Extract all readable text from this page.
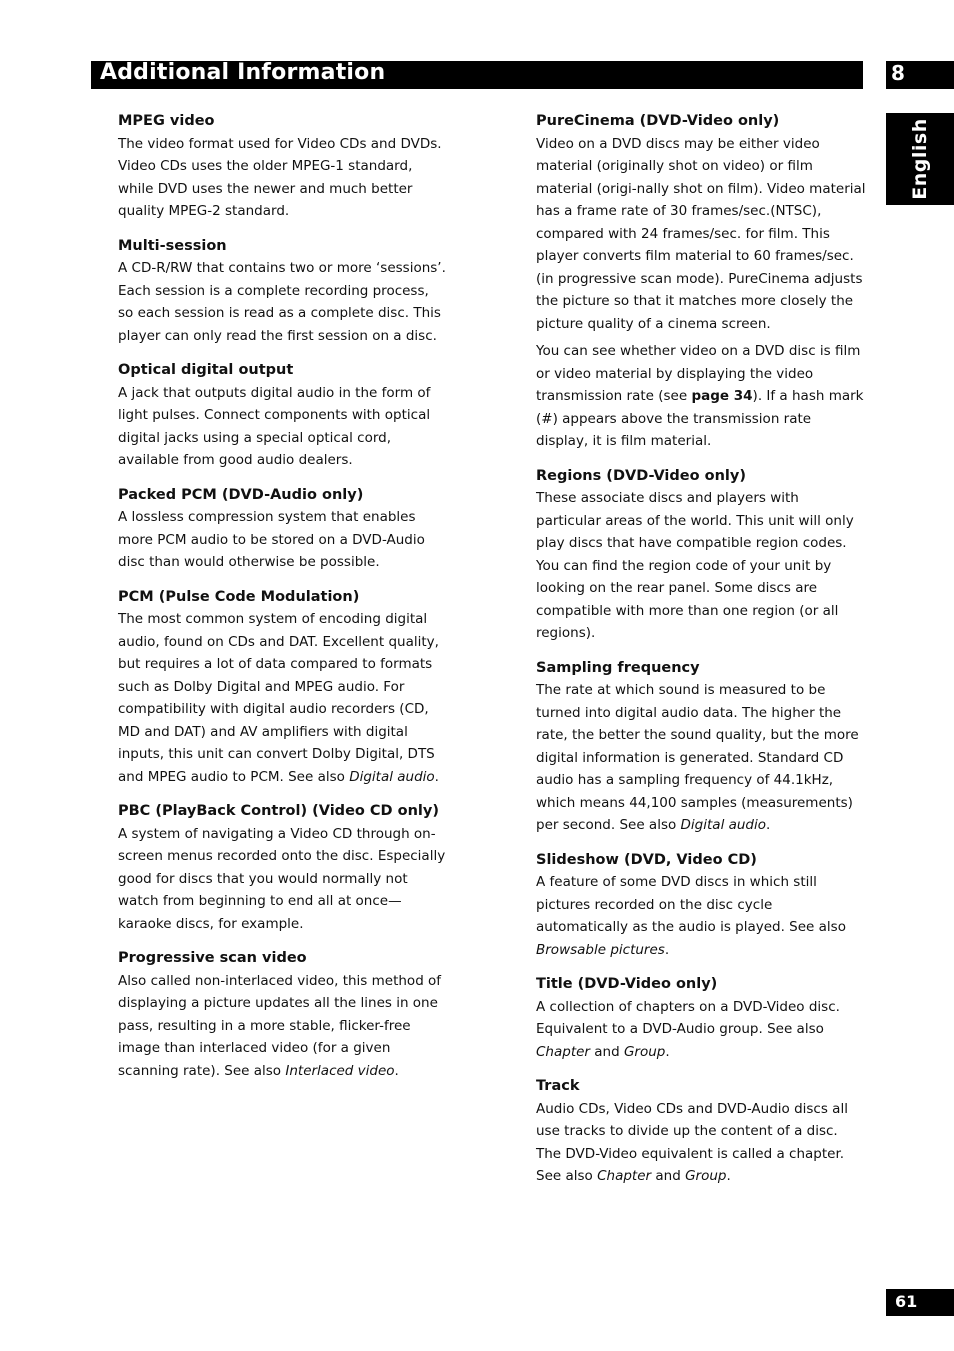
Additional Information	8
English
MPEG video

The video format used for Video CDs and DVDs. Video CDs uses the older MPEG-1 standard, while DVD uses the newer and much better quality MPEG-2 standard.

Multi-session

A CD-R/RW that contains two or more ‘sessions’. Each session is a complete recording process, so each session is read as a complete disc. This player can only read the first session on a disc.

Optical digital output

A jack that outputs digital audio in the form of light pulses. Connect components with optical digital jacks using a special optical cord, available from good audio dealers.

Packed PCM (DVD-Audio only)

A lossless compression system that enables more PCM audio to be stored on a DVD-Audio disc than would otherwise be possible.

PCM (Pulse Code Modulation)

The most common system of encoding digital audio, found on CDs and DAT. Excellent quality, but requires a lot of data compared to formats such as Dolby Digital and MPEG audio. For compatibility with digital audio recorders (CD, MD and DAT) and AV amplifiers with digital inputs, this unit can convert Dolby Digital, DTS and MPEG audio to PCM. See also Digital audio.

PBC (PlayBack Control) (Video CD only)

A system of navigating a Video CD through on-screen menus recorded onto the disc. Especially good for discs that you would normally not watch from beginning to end all at once—karaoke discs, for example.

Progressive scan video

Also called non-interlaced video, this method of displaying a picture updates all the lines in one pass, resulting in a more stable, flicker-free image than interlaced video (for a given scanning rate). See also Interlaced video.

PureCinema (DVD-Video only)

Video on a DVD discs may be either video material (originally shot on video) or film material (origi-nally shot on film). Video material has a frame rate of 30 frames/sec.(NTSC), compared with 24 frames/sec. for film. This player converts film material to 60 frames/sec. (in progressive scan mode). PureCinema adjusts the picture so that it matches more closely the picture quality of a cinema screen.

You can see whether video on a DVD disc is film or video material by displaying the video transmission rate (see page 34). If a hash mark (#) appears above the transmission rate display, it is film material.

Regions (DVD-Video only)

These associate discs and players with particular areas of the world. This unit will only play discs that have compatible region codes. You can find the region code of your unit by looking on the rear panel. Some discs are compatible with more than one region (or all regions).

Sampling frequency

The rate at which sound is measured to be turned into digital audio data. The higher the rate, the better the sound quality, but the more digital information is generated. Standard CD audio has a sampling frequency of 44.1kHz, which means 44,100 samples (measurements) per second. See also Digital audio.

Slideshow (DVD, Video CD)

A feature of some DVD discs in which still pictures recorded on the disc cycle automatically as the audio is played. See also Browsable pictures.

Title (DVD-Video only)

A collection of chapters on a DVD-Video disc. Equivalent to a DVD-Audio group. See also Chapter and Group.

Track

Audio CDs, Video CDs and DVD-Audio discs all use tracks to divide up the content of a disc. The DVD-Video equivalent is called a chapter. See also Chapter and Group.

61
